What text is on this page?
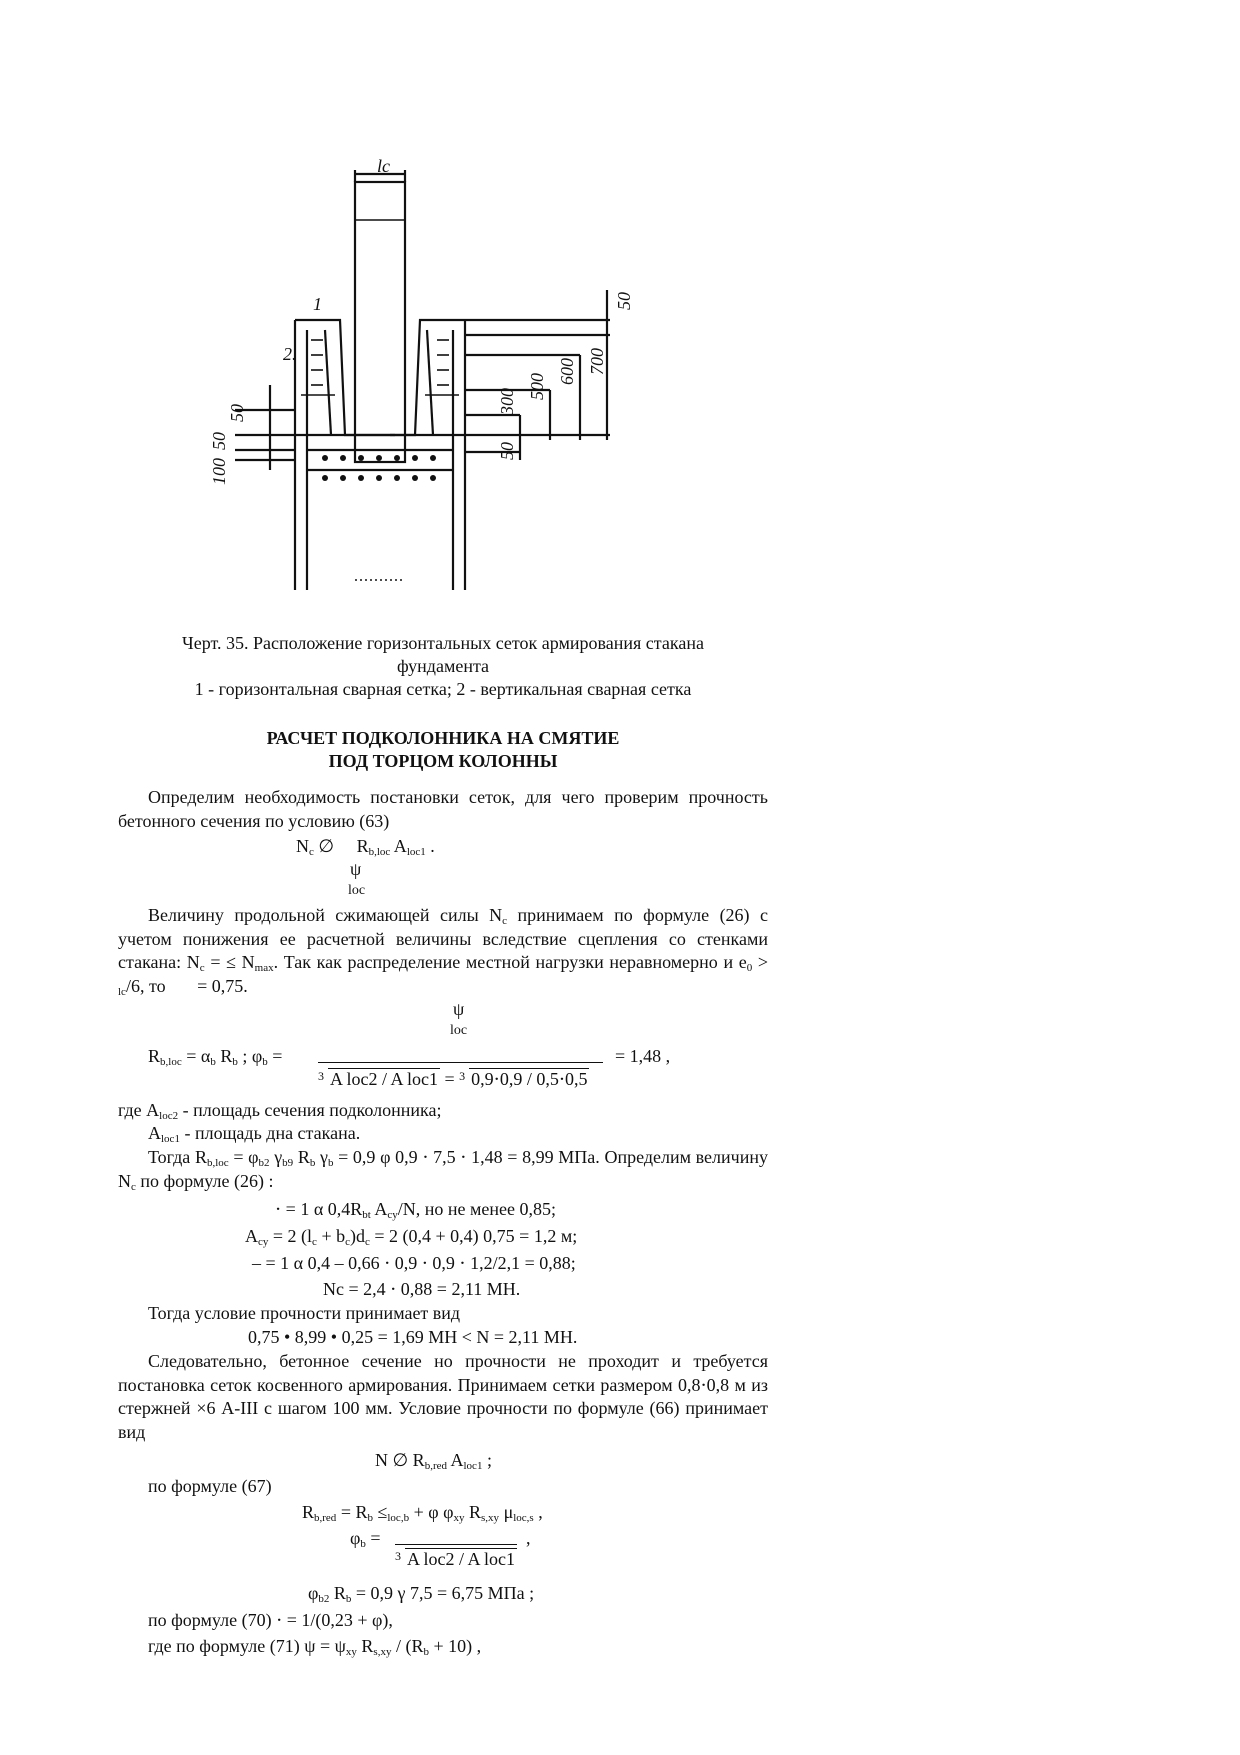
lc
1
2.
50
300
500
600 700
50
50
50
100
Черт. 35. Расположение горизонтальных сеток армирования стакана
фундамента
1 - горизонтальная сварная сетка; 2 - вертикальная сварная сетка
РАСЧЕТ ПОДКОЛОННИКА НА СМЯТИЕ
ПОД ТОРЦОМ КОЛОННЫ
Определим необходимость постановки сеток, для чего проверим прочность бетонного сечения по условию (63)
Nc ∅     Rb,loc Aloc1 .
ψ
loc
Величину продольной сжимающей силы Nc принимаем по формуле (26) с учетом понижения ее расчетной величины вследствие сцепления со стенками стакана: Nc = ≤ Nmax. Так как распределение местной нагрузки неравномерно и e0 > lc/6, то = 0,75.
ψ
loc
Rb,loc = αb Rb ; φb =	= 1,48 ,
3 A loc2 / A loc1 = 3 0,9⋅0,9 / 0,5⋅0,5
где Aloc2 - площадь сечения подколонника;
Aloc1 - площадь дна стакана.
Тогда Rb,loc = φb2 γb9 Rb γb = 0,9 φ 0,9 ⋅ 7,5 ⋅ 1,48 = 8,99 МПа. Определим величину Nc по формуле (26) :
⋅ = 1 α 0,4Rbt Acy/N, но не менее 0,85;
Acy = 2 (lc + bc)dc = 2 (0,4 + 0,4) 0,75 = 1,2 м;
– = 1 α 0,4 – 0,66 ⋅ 0,9 ⋅ 0,9 ⋅ 1,2/2,1 = 0,88;
Nc = 2,4 ⋅ 0,88 = 2,11 МН.
Тогда условие прочности принимает вид
0,75 • 8,99 • 0,25 = 1,69 МН < N = 2,11 МН.
Следовательно, бетонное сечение но прочности не проходит и требуется постановка сеток косвенного армирования. Принимаем сетки размером 0,8⋅0,8 м из стержней ×6 А-III с шагом 100 мм. Условие прочности по формуле (66) принимает вид
N ∅ Rb,red Aloc1 ;
по формуле (67)
Rb,red = Rb ≤loc,b + φ φxy Rs,xy μloc,s ,
φb =	,
3 A loc2 / A loc1
φb2 Rb = 0,9 γ 7,5 = 6,75 МПа ;
по формуле (70) ⋅ = 1/(0,23 + φ),
где по формуле (71) ψ = ψxy Rs,xy / (Rb + 10) ,
